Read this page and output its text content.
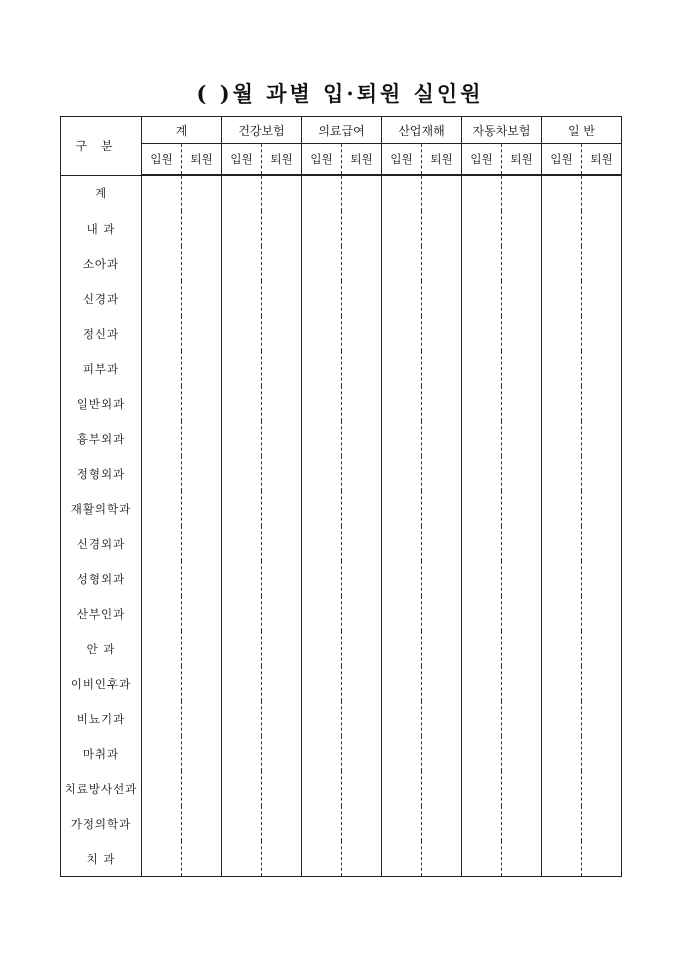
( )월 과별 입·퇴원 실인원
구분	계		건강보험		의료급여		산업재해		자동차보험		일 반	
	입원	퇴원	입원	퇴원	입원	퇴원	입원	퇴원	입원	퇴원	입원	퇴원
계												
내 과												
소아과												
신경과												
정신과												
피부과												
일반외과												
흉부외과												
정형외과												
재활의학과												
신경외과												
성형외과												
산부인과												
안 과												
이비인후과												
비뇨기과												
마취과												
치료방사선과												
가정의학과												
치 과												
